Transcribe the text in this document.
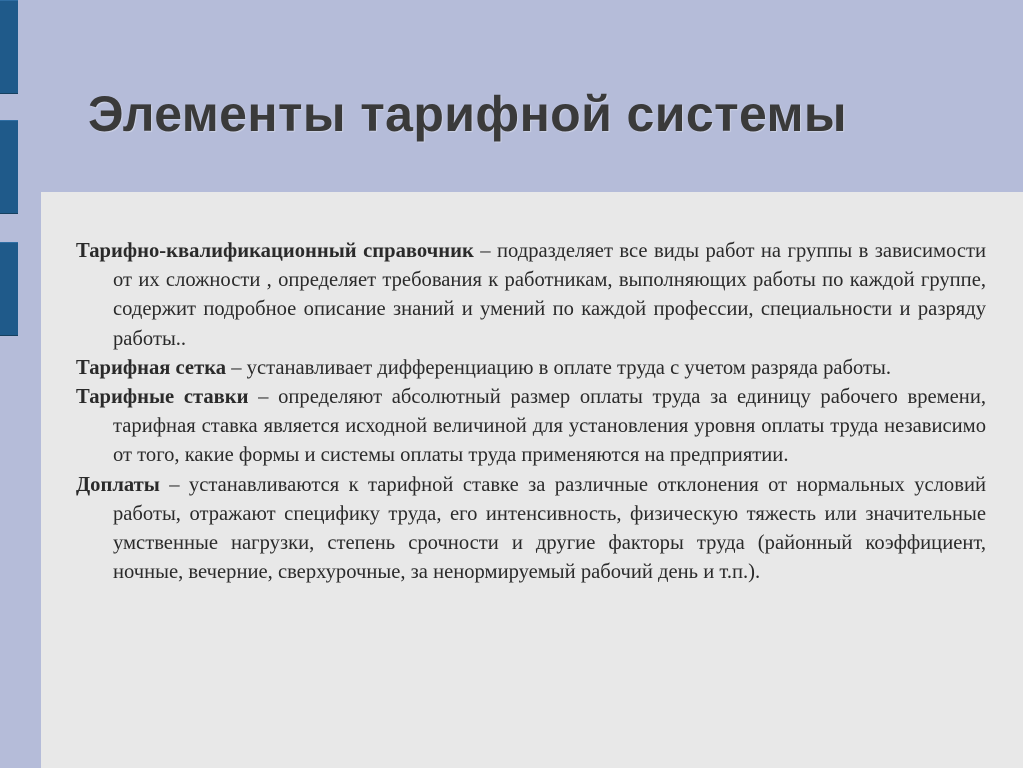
Элементы тарифной системы

Тарифно-квалификационный справочник – подразделяет все виды работ на группы в зависимости от их сложности , определяет требования к работникам, выполняющих работы по каждой группе, содержит подробное описание знаний и умений по каждой профессии, специальности и разряду работы..

Тарифная сетка – устанавливает дифференциацию в оплате труда с учетом разряда работы.

Тарифные ставки – определяют абсолютный размер оплаты труда за единицу рабочего времени, тарифная ставка является исходной величиной для установления уровня оплаты труда независимо от того, какие формы и системы оплаты труда применяются на предприятии.

Доплаты – устанавливаются к тарифной ставке за различные отклонения от нормальных условий работы, отражают специфику труда, его интенсивность, физическую тяжесть или значительные умственные нагрузки, степень срочности и другие факторы труда (районный коэффициент, ночные, вечерние, сверхурочные, за ненормируемый рабочий день и т.п.).
